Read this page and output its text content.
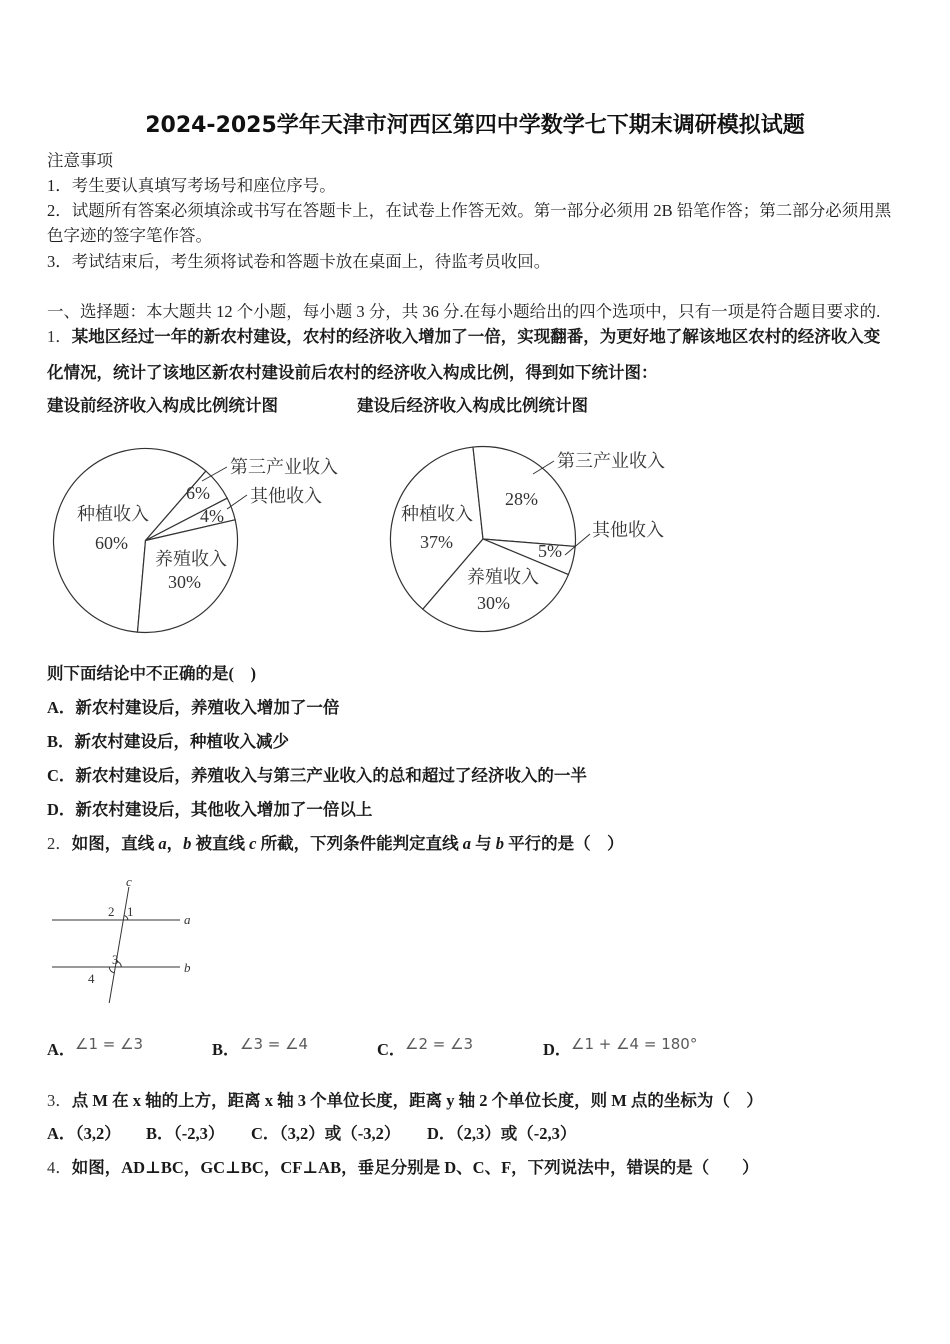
2024-2025学年天津市河西区第四中学数学七下期末调研模拟试题
注意事项
1．考生要认真填写考场号和座位序号。
2．试题所有答案必须填涂或书写在答题卡上，在试卷上作答无效。第一部分必须用 2B 铅笔作答；第二部分必须用黑
色字迹的签字笔作答。
3．考试结束后，考生须将试卷和答题卡放在桌面上，待监考员收回。
一、选择题：本大题共 12 个小题，每小题 3 分，共 36 分.在每小题给出的四个选项中，只有一项是符合题目要求的.
1．某地区经过一年的新农村建设，农村的经济收入增加了一倍，实现翻番，为更好地了解该地区农村的经济收入变
化情况，统计了该地区新农村建设前后农村的经济收入构成比例，得到如下统计图：
建设前经济收入构成比例统计图	建设后经济收入构成比例统计图
种植收入
60%
第三产业收入
6% 其他收入
4%
养殖收入
30%
种植收入
37%
第三产业收入
28%
其他收入
5%
养殖收入
30%
则下面结论中不正确的是(　)
A．新农村建设后，养殖收入增加了一倍
B．新农村建设后，种植收入减少
C．新农村建设后，养殖收入与第三产业收入的总和超过了经济收入的一半
D．新农村建设后，其他收入增加了一倍以上
2．如图，直线 a，b 被直线 c 所截，下列条件能判定直线 a 与 b 平行的是（　）
c
2 1
a
3
b
4
A． ∠1 = ∠3	B． ∠3 = ∠4	C． ∠2 = ∠3	D． ∠1 + ∠4 = 180°
3．点 M 在 x 轴的上方，距离 x 轴 3 个单位长度，距离 y 轴 2 个单位长度，则 M 点的坐标为（　）
A．（3,2） B．（-2,3） C．（3,2）或（-3,2） D．（2,3）或（-2,3）
4．如图，AD⊥BC，GC⊥BC，CF⊥AB，垂足分别是 D、C、F，下列说法中，错误的是（　　）
